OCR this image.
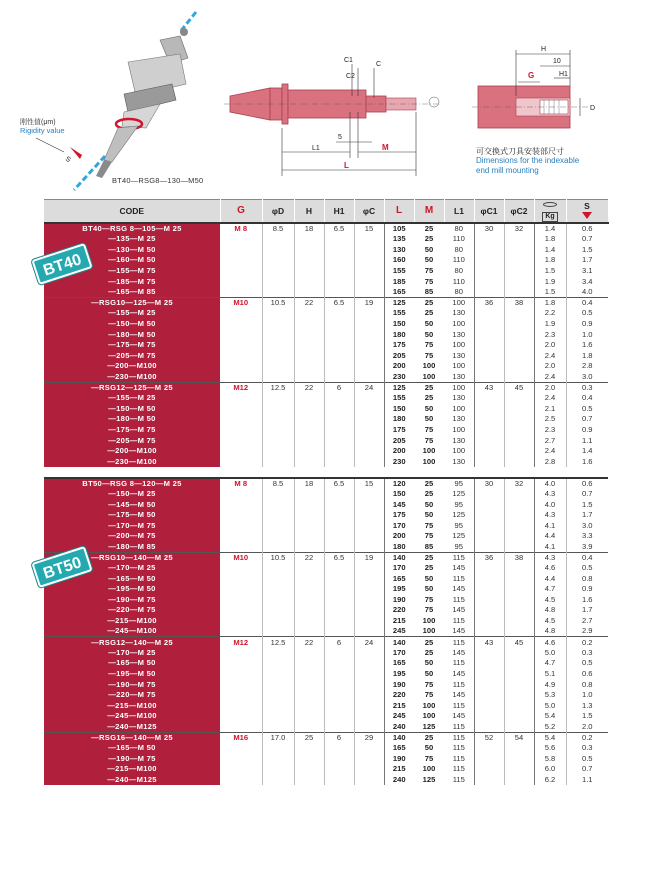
S
L
L1	M
5
C1
C2
C
H
10
H1
G
D
刚性值(μm)
Rigidity value
BT40—RSG8—130—M50
可交换式刀具安装部尺寸
Dimensions for the indexable
end mill mounting
CODE	G	φD	H	H1	φC	L	M	L1	φC1	φC2	Kg	S

BT40—RSG 8—105—M 25	M 8	8.5	18	6.5	15	105	25	80	30	32	1.4	0.6
—135—M 25						135	25	110			1.8	0.7
—130—M 50						130	50	80			1.4	1.5
—160—M 50						160	50	110			1.8	1.7
—155—M 75						155	75	80			1.5	3.1
—185—M 75						185	75	110			1.9	3.4
—165—M 85						165	85	80			1.5	4.0
—RSG10—125—M 25	M10	10.5	22	6.5	19	125	25	100	36	38	1.8	0.4
—155—M 25						155	25	130			2.2	0.5
—150—M 50						150	50	100			1.9	0.9
—180—M 50						180	50	130			2.3	1.0
—175—M 75						175	75	100			2.0	1.6
—205—M 75						205	75	130			2.4	1.8
—200—M100						200	100	100			2.0	2.8
—230—M100						230	100	130			2.4	3.0
—RSG12—125—M 25	M12	12.5	22	6	24	125	25	100	43	45	2.0	0.3
—155—M 25						155	25	130			2.4	0.4
—150—M 50						150	50	100			2.1	0.5
—180—M 50						180	50	130			2.5	0.7
—175—M 75						175	75	100			2.3	0.9
—205—M 75						205	75	130			2.7	1.1
—200—M100						200	100	100			2.4	1.4
—230—M100						230	100	130			2.8	1.6

BT50—RSG 8—120—M 25	M 8	8.5	18	6.5	15	120	25	95	30	32	4.0	0.6
—150—M 25						150	25	125			4.3	0.7
—145—M 50						145	50	95			4.0	1.5
—175—M 50						175	50	125			4.3	1.7
—170—M 75						170	75	95			4.1	3.0
—200—M 75						200	75	125			4.4	3.3
—180—M 85						180	85	95			4.1	3.9
—RSG10—140—M 25	M10	10.5	22	6.5	19	140	25	115	36	38	4.3	0.4
—170—M 25						170	25	145			4.6	0.5
—165—M 50						165	50	115			4.4	0.8
—195—M 50						195	50	145			4.7	0.9
—190—M 75						190	75	115			4.5	1.6
—220—M 75						220	75	145			4.8	1.7
—215—M100						215	100	115			4.5	2.7
—245—M100						245	100	145			4.8	2.9
—RSG12—140—M 25	M12	12.5	22	6	24	140	25	115	43	45	4.6	0.2
—170—M 25						170	25	145			5.0	0.3
—165—M 50						165	50	115			4.7	0.5
—195—M 50						195	50	145			5.1	0.6
—190—M 75						190	75	115			4.9	0.8
—220—M 75						220	75	145			5.3	1.0
—215—M100						215	100	115			5.0	1.3
—245—M100						245	100	145			5.4	1.5
—240—M125						240	125	115			5.2	2.0
—RSG16—140—M 25	M16	17.0	25	6	29	140	25	115	52	54	5.4	0.2
—165—M 50						165	50	115			5.6	0.3
—190—M 75						190	75	115			5.8	0.5
—215—M100						215	100	115			6.0	0.7
—240—M125						240	125	115			6.2	1.1
BT40
BT50
